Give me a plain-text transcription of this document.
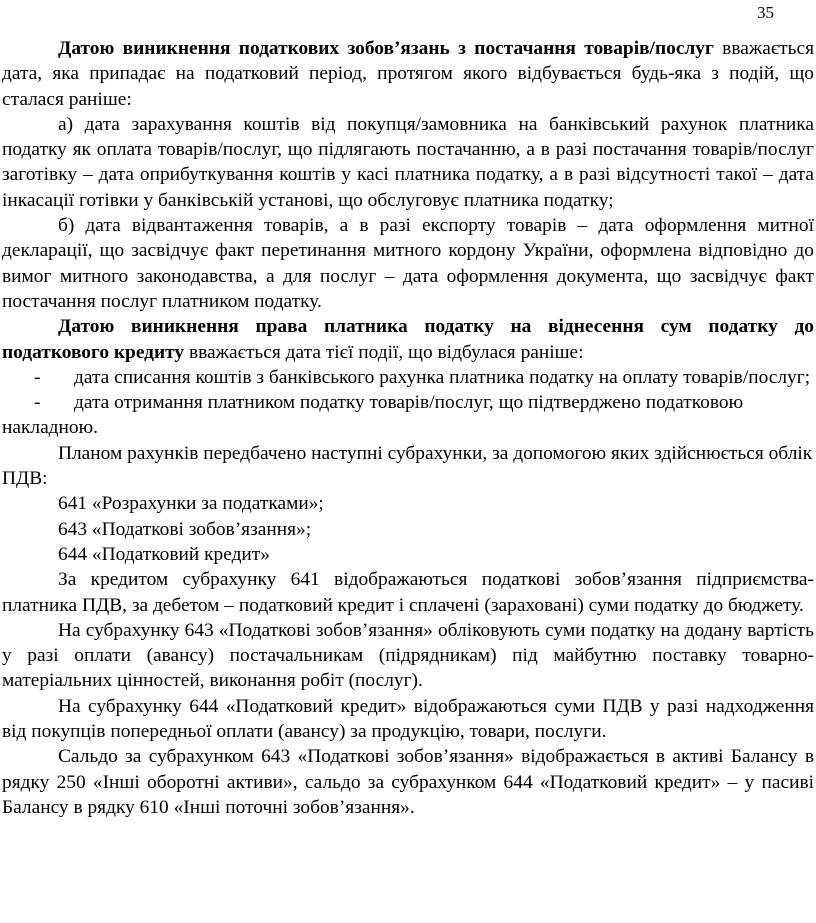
35

Датою виникнення податкових зобов’язань з постачання товарів/послуг вважається дата, яка припадає на податковий період, протягом якого відбувається будь-яка з подій, що сталася раніше:

а) дата зарахування коштів від покупця/замовника на банківський рахунок платника податку як оплата товарів/послуг, що підлягають постачанню, а в разі постачання товарів/послуг заготівку – дата оприбуткування коштів у касі платника податку, а в разі відсутності такої – дата інкасації готівки у банківській установі, що обслуговує платника податку;

б) дата відвантаження товарів, а в разі експорту товарів – дата оформлення митної декларації, що засвідчує факт перетинання митного кордону України, оформлена відповідно до вимог митного законодавства, а для послуг – дата оформлення документа, що засвідчує факт постачання послуг платником податку.

Датою виникнення права платника податку на віднесення сум податку до податкового кредиту вважається дата тієї події, що відбулася раніше:

- дата списання коштів з банківського рахунка платника податку на оплату товарів/послуг;

- дата отримання платником податку товарів/послуг, що підтверджено податковою накладною.

Планом рахунків передбачено наступні субрахунки, за допомогою яких здійснюється облік ПДВ:

641 «Розрахунки за податками»;

643 «Податкові зобов’язання»;

644 «Податковий кредит»

За кредитом субрахунку 641 відображаються податкові зобов’язання підприємства-платника ПДВ, за дебетом – податковий кредит і сплачені (зараховані) суми податку до бюджету.

На субрахунку 643 «Податкові зобов’язання» обліковують суми податку на додану вартість у разі оплати (авансу) постачальникам (підрядникам) під майбутню поставку товарно-матеріальних цінностей, виконання робіт (послуг).

На субрахунку 644 «Податковий кредит» відображаються суми ПДВ у разі надходження від покупців попередньої оплати (авансу) за продукцію, товари, послуги.

Сальдо за субрахунком 643 «Податкові зобов’язання» відображається в активі Балансу в рядку 250 «Інші оборотні активи», сальдо за субрахунком 644 «Податковий кредит» – у пасиві Балансу в рядку 610 «Інші поточні зобов’язання».
